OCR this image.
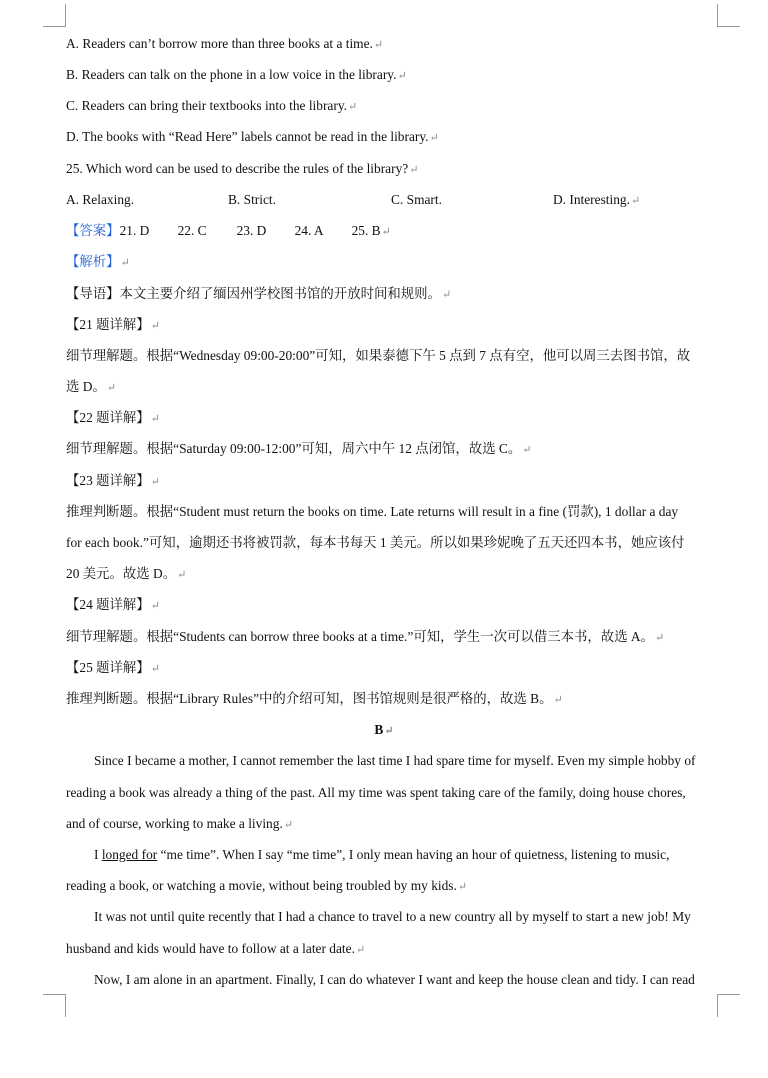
A. Readers can’t borrow more than three books at a time.↵
B. Readers can talk on the phone in a low voice in the library.↵
C. Readers can bring their textbooks into the library.↵
D. The books with “Read Here” labels cannot be read in the library.↵
25. Which word can be used to describe the rules of the library?↵
A. Relaxing.	B. Strict.	C. Smart.	D. Interesting.↵
【答案】21. D 22. C 23. D 24. A 25. B↵
【解析】↵
【导语】本文主要介绍了缅因州学校图书馆的开放时间和规则。↵
【21 题详解】↵
细节理解题。根据“Wednesday 09:00-20:00”可知，如果泰德下午 5 点到 7 点有空，他可以周三去图书馆，故
选 D。↵
【22 题详解】↵
细节理解题。根据“Saturday 09:00-12:00”可知，周六中午 12 点闭馆，故选 C。↵
【23 题详解】↵
推理判断题。根据“Student must return the books on time. Late returns will result in a fine (罚款), 1 dollar a day
for each book.”可知，逾期还书将被罚款，每本书每天 1 美元。所以如果珍妮晚了五天还四本书，她应该付
20 美元。故选 D。↵
【24 题详解】↵
细节理解题。根据“Students can borrow three books at a time.”可知，学生一次可以借三本书，故选 A。↵
【25 题详解】↵
推理判断题。根据“Library Rules”中的介绍可知，图书馆规则是很严格的，故选 B。↵
B↵
Since I became a mother, I cannot remember the last time I had spare time for myself. Even my simple hobby of
reading a book was already a thing of the past. All my time was spent taking care of the family, doing house chores,
and of course, working to make a living.↵
I longed for “me time”. When I say “me time”, I only mean having an hour of quietness, listening to music,
reading a book, or watching a movie, without being troubled by my kids.↵
It was not until quite recently that I had a chance to travel to a new country all by myself to start a new job! My
husband and kids would have to follow at a later date.↵
Now, I am alone in an apartment. Finally, I can do whatever I want and keep the house clean and tidy. I can read
